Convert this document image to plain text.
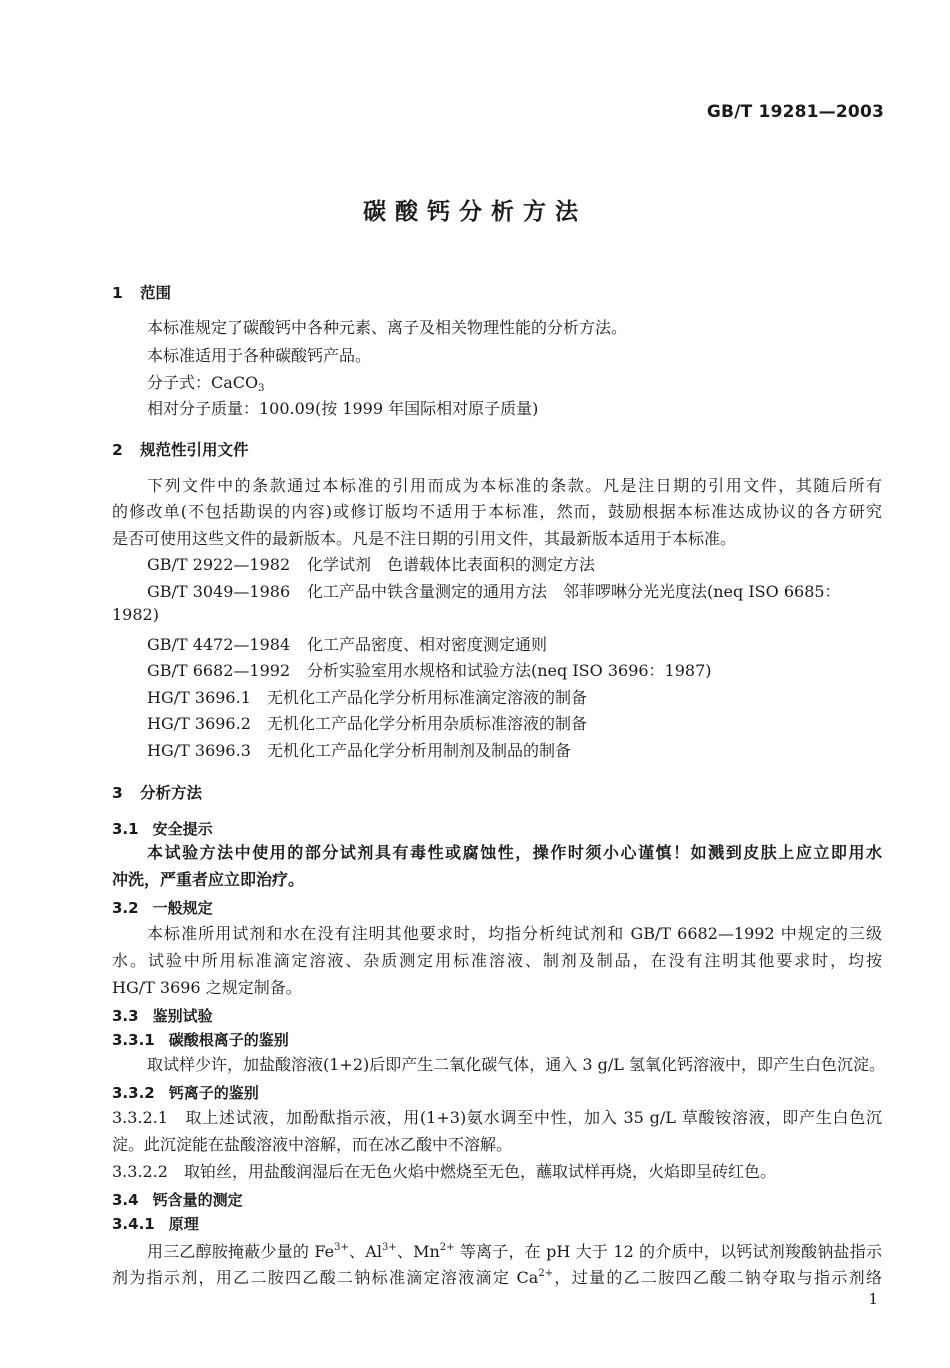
GB/T 19281—2003
碳酸钙分析方法
1 范围
本标准规定了碳酸钙中各种元素、离子及相关物理性能的分析方法。
本标准适用于各种碳酸钙产品。
分子式：CaCO$_3$
相对分子质量：100.09(按 1999 年国际相对原子质量)
2 规范性引用文件
下列文件中的条款通过本标准的引用而成为本标准的条款。凡是注日期的引用文件，其随后所有
的修改单(不包括勘误的内容)或修订版均不适用于本标准，然而，鼓励根据本标准达成协议的各方研究
是否可使用这些文件的最新版本。凡是不注日期的引用文件，其最新版本适用于本标准。
GB/T 2922—1982 化学试剂　色谱载体比表面积的测定方法
GB/T 3049—1986 化工产品中铁含量测定的通用方法　邻菲啰啉分光光度法(neq ISO 6685：
1982)
GB/T 4472—1984 化工产品密度、相对密度测定通则
GB/T 6682—1992 分析实验室用水规格和试验方法(neq ISO 3696：1987)
HG/T 3696.1 无机化工产品化学分析用标准滴定溶液的制备
HG/T 3696.2 无机化工产品化学分析用杂质标准溶液的制备
HG/T 3696.3 无机化工产品化学分析用制剂及制品的制备
3 分析方法
3.1 安全提示
本试验方法中使用的部分试剂具有毒性或腐蚀性，操作时须小心谨慎！如溅到皮肤上应立即用水
冲洗，严重者应立即治疗。
3.2 一般规定
本标准所用试剂和水在没有注明其他要求时，均指分析纯试剂和 GB/T 6682—1992 中规定的三级
水。试验中所用标准滴定溶液、杂质测定用标准溶液、制剂及制品，在没有注明其他要求时，均按
HG/T 3696 之规定制备。
3.3 鉴别试验
3.3.1 碳酸根离子的鉴别
取试样少许，加盐酸溶液(1+2)后即产生二氧化碳气体，通入 3 g/L 氢氧化钙溶液中，即产生白色沉淀。
3.3.2 钙离子的鉴别
3.3.2.1　 取上述试液，加酚酞指示液，用(1+3)氨水调至中性，加入 35 g/L 草酸铵溶液，即产生白色沉
淀。此沉淀能在盐酸溶液中溶解，而在冰乙酸中不溶解。
3.3.2.2　 取铂丝，用盐酸润湿后在无色火焰中燃烧至无色，蘸取试样再烧，火焰即呈砖红色。
3.4 钙含量的测定
3.4.1 原理
用三乙醇胺掩蔽少量的 $Fe^{3+}$、$Al^{3+}$、$Mn^{2+}$ 等离子，在 pH 大于 12 的介质中，以钙试剂羧酸钠盐指示
剂为指示剂，用乙二胺四乙酸二钠标准滴定溶液滴定 $Ca^{2+}$，过量的乙二胺四乙酸二钠夺取与指示剂络
1
